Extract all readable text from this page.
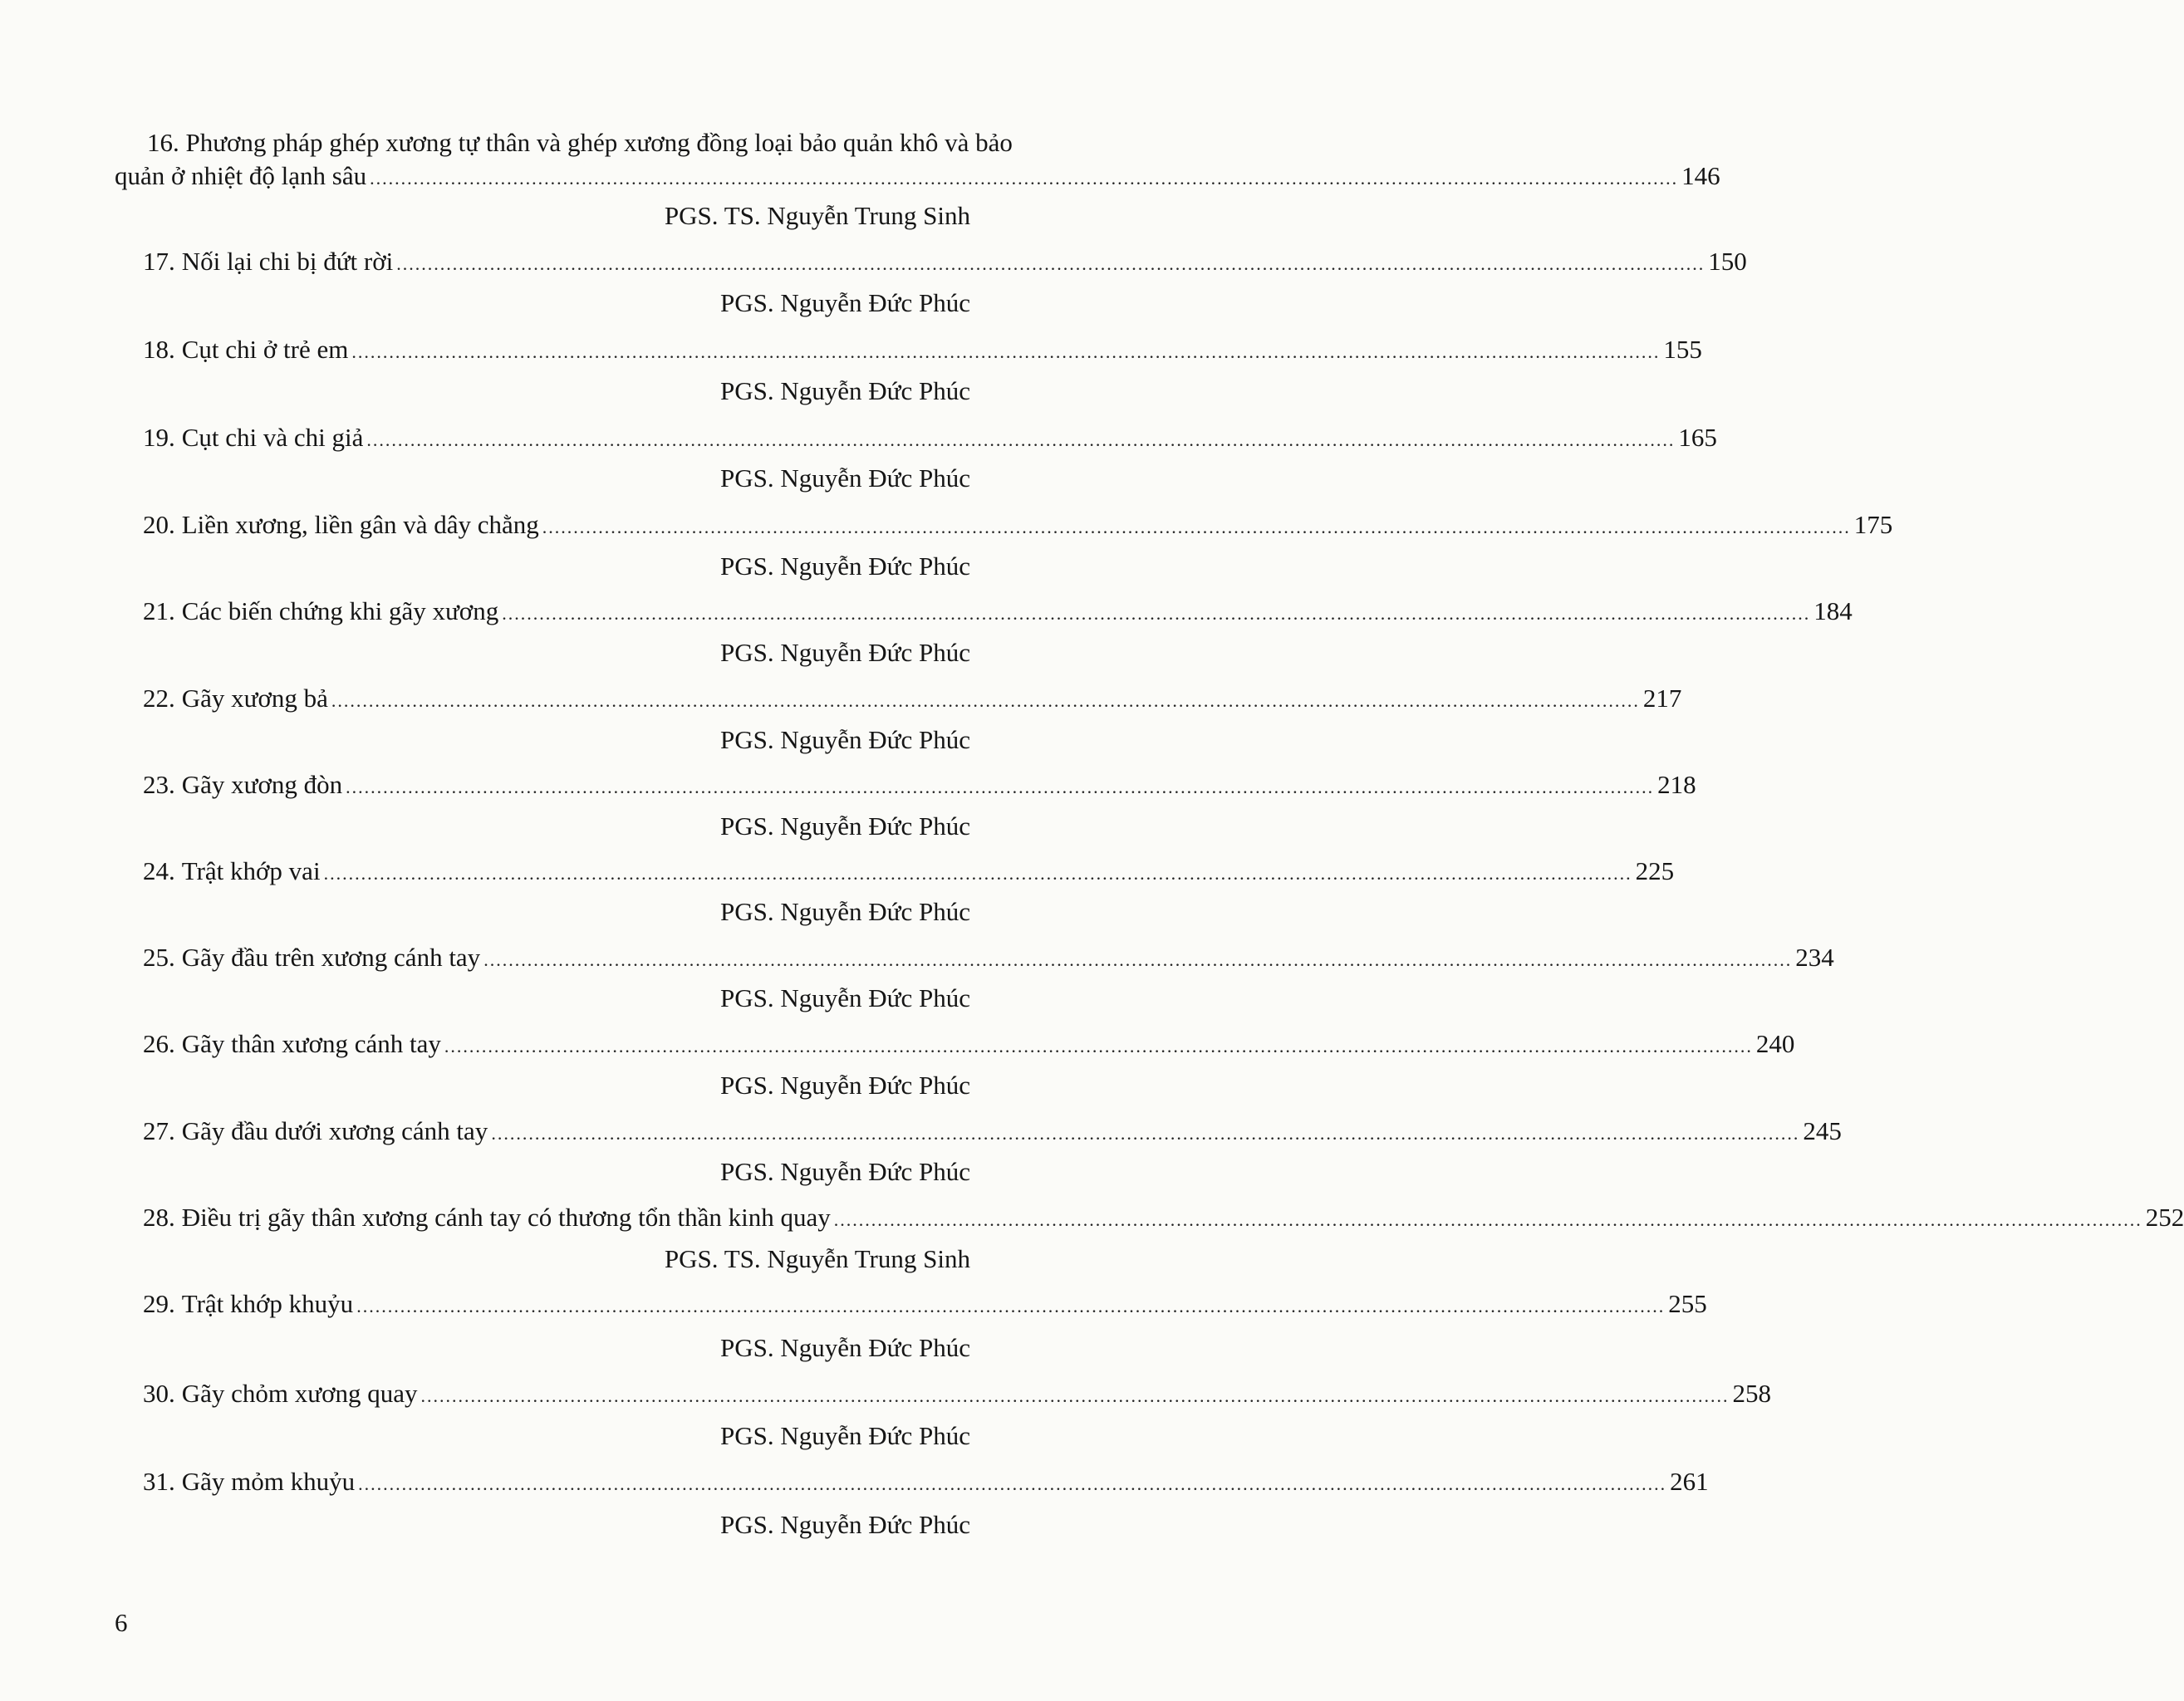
16. Phương pháp ghép xương tự thân và ghép xương đồng loại bảo quản khô và bảo
quản ở nhiệt độ lạnh sâu .................................................................................................................................................................................................................. 146
PGS. TS. Nguyễn Trung Sinh
17. Nối lại chi bị đứt rời .................................................................................................................................................................................................................. 150
PGS. Nguyễn Đức Phúc
18. Cụt chi ở trẻ em .................................................................................................................................................................................................................. 155
PGS. Nguyễn Đức Phúc
19. Cụt chi và chi giả .................................................................................................................................................................................................................. 165
PGS. Nguyễn Đức Phúc
20. Liền xương, liền gân và dây chằng .................................................................................................................................................................................................................. 175
PGS. Nguyễn Đức Phúc
21. Các biến chứng khi gãy xương .................................................................................................................................................................................................................. 184
PGS. Nguyễn Đức Phúc
22. Gãy xương bả .................................................................................................................................................................................................................. 217
PGS. Nguyễn Đức Phúc
23. Gãy xương đòn .................................................................................................................................................................................................................. 218
PGS. Nguyễn Đức Phúc
24. Trật khớp vai .................................................................................................................................................................................................................. 225
PGS. Nguyễn Đức Phúc
25. Gãy đầu trên xương cánh tay .................................................................................................................................................................................................................. 234
PGS. Nguyễn Đức Phúc
26. Gãy thân xương cánh tay .................................................................................................................................................................................................................. 240
PGS. Nguyễn Đức Phúc
27. Gãy đầu dưới xương cánh tay .................................................................................................................................................................................................................. 245
PGS. Nguyễn Đức Phúc
28. Điều trị gãy thân xương cánh tay có thương tổn thần kinh quay .................................................................................................................................................................................................................. 252
PGS. TS. Nguyễn Trung Sinh
29. Trật khớp khuỷu .................................................................................................................................................................................................................. 255
PGS. Nguyễn Đức Phúc
30. Gãy chỏm xương quay .................................................................................................................................................................................................................. 258
PGS. Nguyễn Đức Phúc
31. Gãy mỏm khuỷu .................................................................................................................................................................................................................. 261
PGS. Nguyễn Đức Phúc
6
